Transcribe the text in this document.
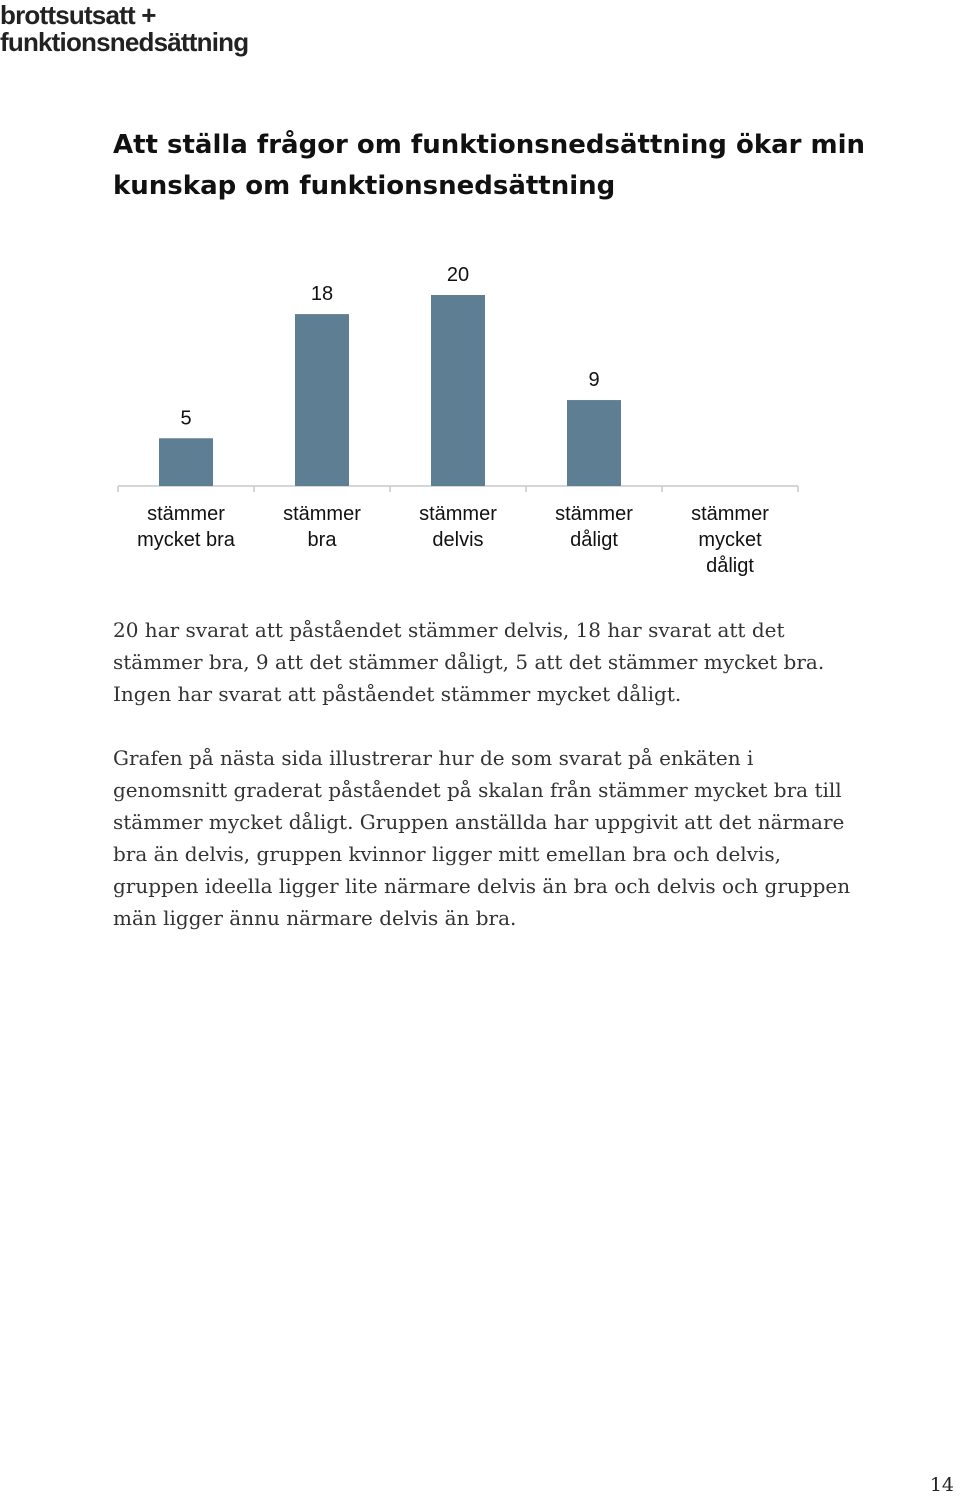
brottsutsatt +
funktionsnedsättning
Att ställa frågor om funktionsnedsättning ökar min kunskap om funktionsnedsättning
5
stämmer
mycket bra
18
stämmer
bra
20
stämmer
delvis
9
stämmer
dåligt
stämmer
mycket
dåligt

20 har svarat att påståendet stämmer delvis, 18 har svarat att det stämmer bra, 9 att det stämmer dåligt, 5 att det stämmer mycket bra. Ingen har svarat att påståendet stämmer mycket dåligt.

Grafen på nästa sida illustrerar hur de som svarat på enkäten i genomsnitt graderat påståendet på skalan från stämmer mycket bra till stämmer mycket dåligt. Gruppen anställda har uppgivit att det närmare bra än delvis, gruppen kvinnor ligger mitt emellan bra och delvis, gruppen ideella ligger lite närmare delvis än bra och delvis och gruppen män ligger ännu närmare delvis än bra.

14
